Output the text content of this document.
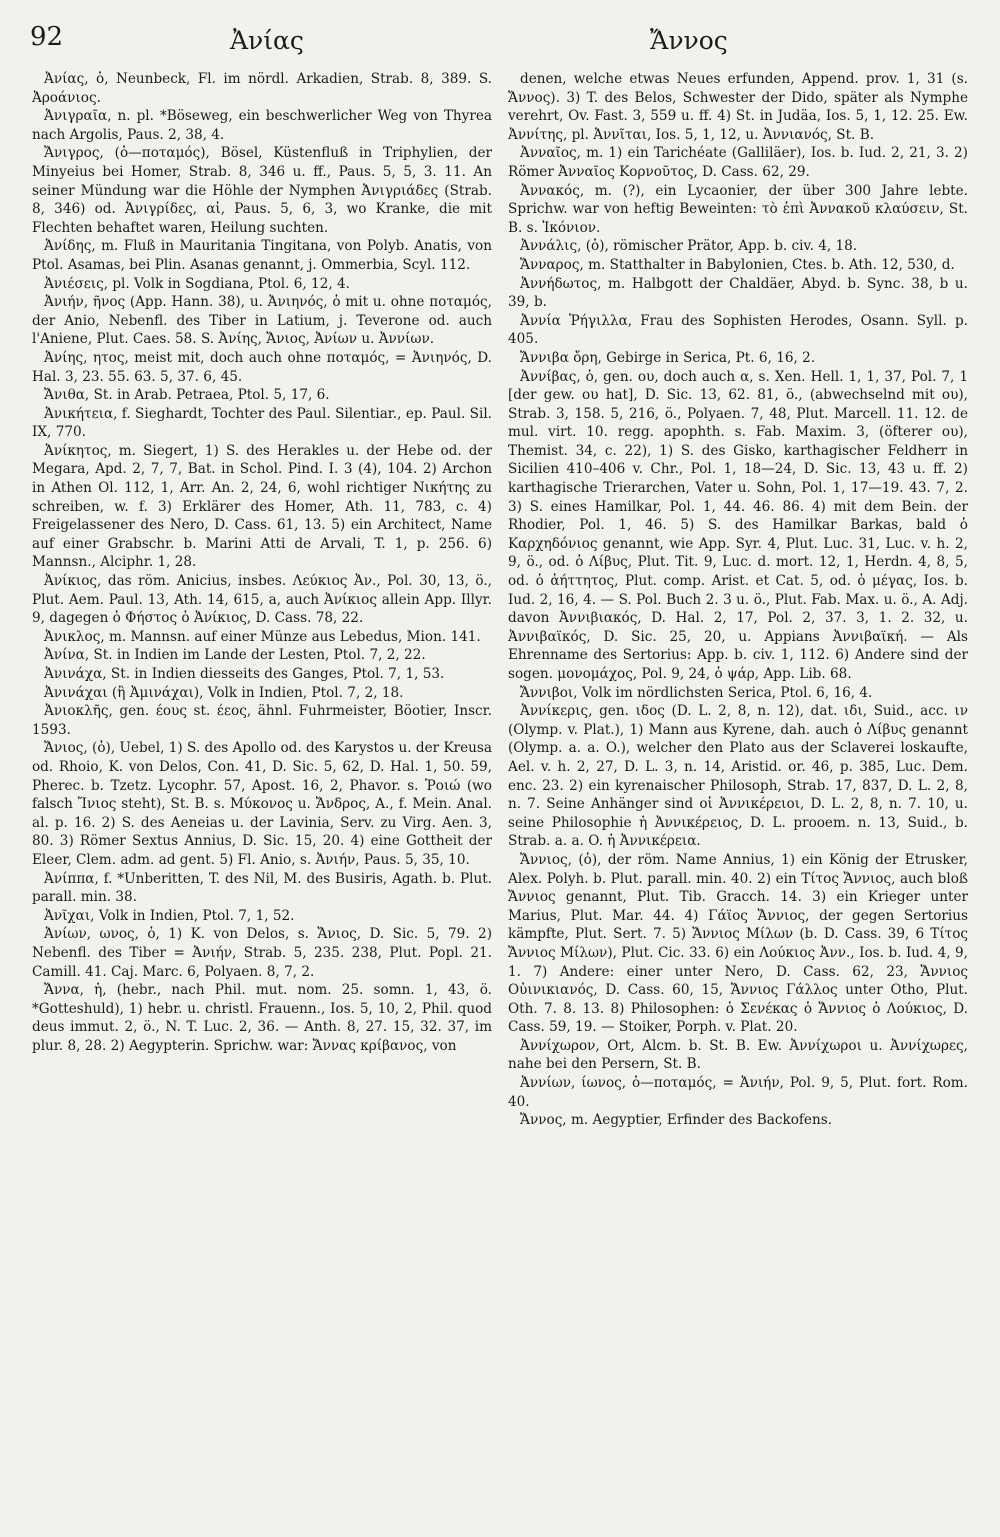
92	Ἀνίας	Ἄννος

Ἀνίας, ὁ, Neunbeck, Fl. im nördl. Arkadien, Strab. 8, 389. S. Ἀροάνιος.

Ἀνιγραῖα, n. pl. *Böseweg, ein beschwerlicher Weg von Thyrea nach Argolis, Paus. 2, 38, 4.

Ἄνιγρος, (ὁ—ποταμός), Bösel, Küstenfluß in Triphylien, der Minyeius bei Homer, Strab. 8, 346 u. ff., Paus. 5, 5, 3. 11. An seiner Mündung war die Höhle der Nymphen Ἀνιγριάδες (Strab. 8, 346) od. Ἀνιγρίδες, αἱ, Paus. 5, 6, 3, wo Kranke, die mit Flechten behaftet waren, Heilung suchten.

Ἀνίδης, m. Fluß in Mauritania Tingitana, von Polyb. Anatis, von Ptol. Asamas, bei Plin. Asanas genannt, j. Ommerbia, Scyl. 112.

Ἀνιέσεις, pl. Volk in Sogdiana, Ptol. 6, 12, 4.

Ἀνιήν, ῆνος (App. Hann. 38), u. Ἀνιηνός, ὁ mit u. ohne ποταμός, der Anio, Nebenfl. des Tiber in Latium, j. Teverone od. auch l'Aniene, Plut. Caes. 58. S. Ἀνίης, Ἄνιος, Ἀνίων u. Ἀννίων.

Ἀνίης, ητος, meist mit, doch auch ohne ποταμός, = Ἀνιηνός, D. Hal. 3, 23. 55. 63. 5, 37. 6, 45.

Ἄνιθα, St. in Arab. Petraea, Ptol. 5, 17, 6.

Ἀνικήτεια, f. Sieghardt, Tochter des Paul. Silentiar., ep. Paul. Sil. IX, 770.

Ἀνίκητος, m. Siegert, 1) S. des Herakles u. der Hebe od. der Megara, Apd. 2, 7, 7, Bat. in Schol. Pind. I. 3 (4), 104. 2) Archon in Athen Ol. 112, 1, Arr. An. 2, 24, 6, wohl richtiger Νικήτης zu schreiben, w. f. 3) Erklärer des Homer, Ath. 11, 783, c. 4) Freigelassener des Nero, D. Cass. 61, 13. 5) ein Architect, Name auf einer Grabschr. b. Marini Atti de Arvali, T. 1, p. 256. 6) Mannsn., Alciphr. 1, 28.

Ἀνίκιος, das röm. Anicius, insbes. Λεύκιος Ἀν., Pol. 30, 13, ö., Plut. Aem. Paul. 13, Ath. 14, 615, a, auch Ἀνίκιος allein App. Illyr. 9, dagegen ὁ Φήστος ὁ Ἀνίκιος, D. Cass. 78, 22.

Ἀνικλος, m. Mannsn. auf einer Münze aus Lebedus, Mion. 141.

Ἀνίνα, St. in Indien im Lande der Lesten, Ptol. 7, 2, 22.

Ἀνινάχα, St. in Indien diesseits des Ganges, Ptol. 7, 1, 53.

Ἀνινάχαι (ἢ Ἀμινάχαι), Volk in Indien, Ptol. 7, 2, 18.

Ἀνιοκλῆς, gen. έους st. έεος, ähnl. Fuhrmeister, Böotier, Inscr. 1593.

Ἄνιος, (ὁ), Uebel, 1) S. des Apollo od. des Karystos u. der Kreusa od. Rhoio, K. von Delos, Con. 41, D. Sic. 5, 62, D. Hal. 1, 50. 59, Pherec. b. Tzetz. Lycophr. 57, Apost. 16, 2, Phavor. s. Ῥοιώ (wo falsch Ἴνιος steht), St. B. s. Μύκονος u. Ἄνδρος, A., f. Mein. Anal. al. p. 16. 2) S. des Aeneias u. der Lavinia, Serv. zu Virg. Aen. 3, 80. 3) Römer Sextus Annius, D. Sic. 15, 20. 4) eine Gottheit der Eleer, Clem. adm. ad gent. 5) Fl. Anio, s. Ἀνιήν, Paus. 5, 35, 10.

Ἀνίππα, f. *Unberitten, T. des Nil, M. des Busiris, Agath. b. Plut. parall. min. 38.

Ἀνῖχαι, Volk in Indien, Ptol. 7, 1, 52.

Ἀνίων, ωνος, ὁ, 1) K. von Delos, s. Ἄνιος, D. Sic. 5, 79. 2) Nebenfl. des Tiber = Ἀνιήν, Strab. 5, 235. 238, Plut. Popl. 21. Camill. 41. Caj. Marc. 6, Polyaen. 8, 7, 2.

Ἄννα, ἡ, (hebr., nach Phil. mut. nom. 25. somn. 1, 43, ö. *Gotteshuld), 1) hebr. u. christl. Frauenn., Ios. 5, 10, 2, Phil. quod deus immut. 2, ö., N. T. Luc. 2, 36. — Anth. 8, 27. 15, 32. 37, im plur. 8, 28. 2) Aegypterin. Sprichw. war: Ἄννας κρίβανος, von

denen, welche etwas Neues erfunden, Append. prov. 1, 31 (s. Ἄννος). 3) T. des Belos, Schwester der Dido, später als Nymphe verehrt, Ov. Fast. 3, 559 u. ff. 4) St. in Judäa, Ios. 5, 1, 12. 25. Ew. Ἀννίτης, pl. Ἀννῖται, Ios. 5, 1, 12, u. Ἀννιανός, St. B.

Ἀνναῖος, m. 1) ein Tarichéate (Galliläer), Ios. b. Iud. 2, 21, 3. 2) Römer Ἀνναῖος Κορνοῦτος, D. Cass. 62, 29.

Ἀννακός, m. (?), ein Lycaonier, der über 300 Jahre lebte. Sprichw. war von heftig Beweinten: τὸ ἐπὶ Ἀννακοῦ κλαύσειν, St. B. s. Ἰκόνιον.

Ἀννάλις, (ὁ), römischer Prätor, App. b. civ. 4, 18.

Ἄνναρος, m. Statthalter in Babylonien, Ctes. b. Ath. 12, 530, d.

Ἀννήδωτος, m. Halbgott der Chaldäer, Abyd. b. Sync. 38, b u. 39, b.

Ἀννία Ῥήγιλλα, Frau des Sophisten Herodes, Osann. Syll. p. 405.

Ἄννιβα ὄρη, Gebirge in Serica, Pt. 6, 16, 2.

Ἀννίβας, ὁ, gen. ου, doch auch α, s. Xen. Hell. 1, 1, 37, Pol. 7, 1 [der gew. ου hat], D. Sic. 13, 62. 81, ö., (abwechselnd mit ου), Strab. 3, 158. 5, 216, ö., Polyaen. 7, 48, Plut. Marcell. 11. 12. de mul. virt. 10. regg. apophth. s. Fab. Maxim. 3, (öfterer ου), Themist. 34, c. 22), 1) S. des Gisko, karthagischer Feldherr in Sicilien 410–406 v. Chr., Pol. 1, 18—24, D. Sic. 13, 43 u. ff. 2) karthagische Trierarchen, Vater u. Sohn, Pol. 1, 17—19. 43. 7, 2. 3) S. eines Hamilkar, Pol. 1, 44. 46. 86. 4) mit dem Bein. der Rhodier, Pol. 1, 46. 5) S. des Hamilkar Barkas, bald ὁ Καρχηδόνιος genannt, wie App. Syr. 4, Plut. Luc. 31, Luc. v. h. 2, 9, ö., od. ὁ Λίβυς, Plut. Tit. 9, Luc. d. mort. 12, 1, Herdn. 4, 8, 5, od. ὁ ἀήττητος, Plut. comp. Arist. et Cat. 5, od. ὁ μέγας, Ios. b. Iud. 2, 16, 4. — S. Pol. Buch 2. 3 u. ö., Plut. Fab. Max. u. ö., A. Adj. davon Ἀννιβιακός, D. Hal. 2, 17, Pol. 2, 37. 3, 1. 2. 32, u. Ἀννιβαϊκός, D. Sic. 25, 20, u. Appians Ἀννιβαϊκή. — Als Ehrenname des Sertorius: App. b. civ. 1, 112. 6) Andere sind der sogen. μονομάχος, Pol. 9, 24, ὁ ψάρ, App. Lib. 68.

Ἄννιβοι, Volk im nördlichsten Serica, Ptol. 6, 16, 4.

Ἀννίκερις, gen. ιδος (D. L. 2, 8, n. 12), dat. ιδι, Suid., acc. ιν (Olymp. v. Plat.), 1) Mann aus Kyrene, dah. auch ὁ Λίβυς genannt (Olymp. a. a. O.), welcher den Plato aus der Sclaverei loskaufte, Ael. v. h. 2, 27, D. L. 3, n. 14, Aristid. or. 46, p. 385, Luc. Dem. enc. 23. 2) ein kyrenaischer Philosoph, Strab. 17, 837, D. L. 2, 8, n. 7. Seine Anhänger sind οἱ Ἀννικέρειοι, D. L. 2, 8, n. 7. 10, u. seine Philosophie ἡ Ἀννικέρειος, D. L. prooem. n. 13, Suid., b. Strab. a. a. O. ἡ Ἀννικέρεια.

Ἄννιος, (ὁ), der röm. Name Annius, 1) ein König der Etrusker, Alex. Polyh. b. Plut. parall. min. 40. 2) ein Τίτος Ἄννιος, auch bloß Ἄννιος genannt, Plut. Tib. Gracch. 14. 3) ein Krieger unter Marius, Plut. Mar. 44. 4) Γάϊος Ἄννιος, der gegen Sertorius kämpfte, Plut. Sert. 7. 5) Ἄννιος Μίλων (b. D. Cass. 39, 6 Τίτος Ἄννιος Μίλων), Plut. Cic. 33. 6) ein Λούκιος Ἀνν., Ios. b. Iud. 4, 9, 1. 7) Andere: einer unter Nero, D. Cass. 62, 23, Ἄννιος Οὐινικιανός, D. Cass. 60, 15, Ἄννιος Γάλλος unter Otho, Plut. Oth. 7. 8. 13. 8) Philosophen: ὁ Σενέκας ὁ Ἄννιος ὁ Λούκιος, D. Cass. 59, 19. — Stoiker, Porph. v. Plat. 20.

Ἀννίχωρον, Ort, Alcm. b. St. B. Ew. Ἀννίχωροι u. Ἀννίχωρες, nahe bei den Persern, St. B.

Ἀννίων, ίωνος, ὁ—ποταμός, = Ἀνιήν, Pol. 9, 5, Plut. fort. Rom. 40.

Ἄννος, m. Aegyptier, Erfinder des Backofens.
